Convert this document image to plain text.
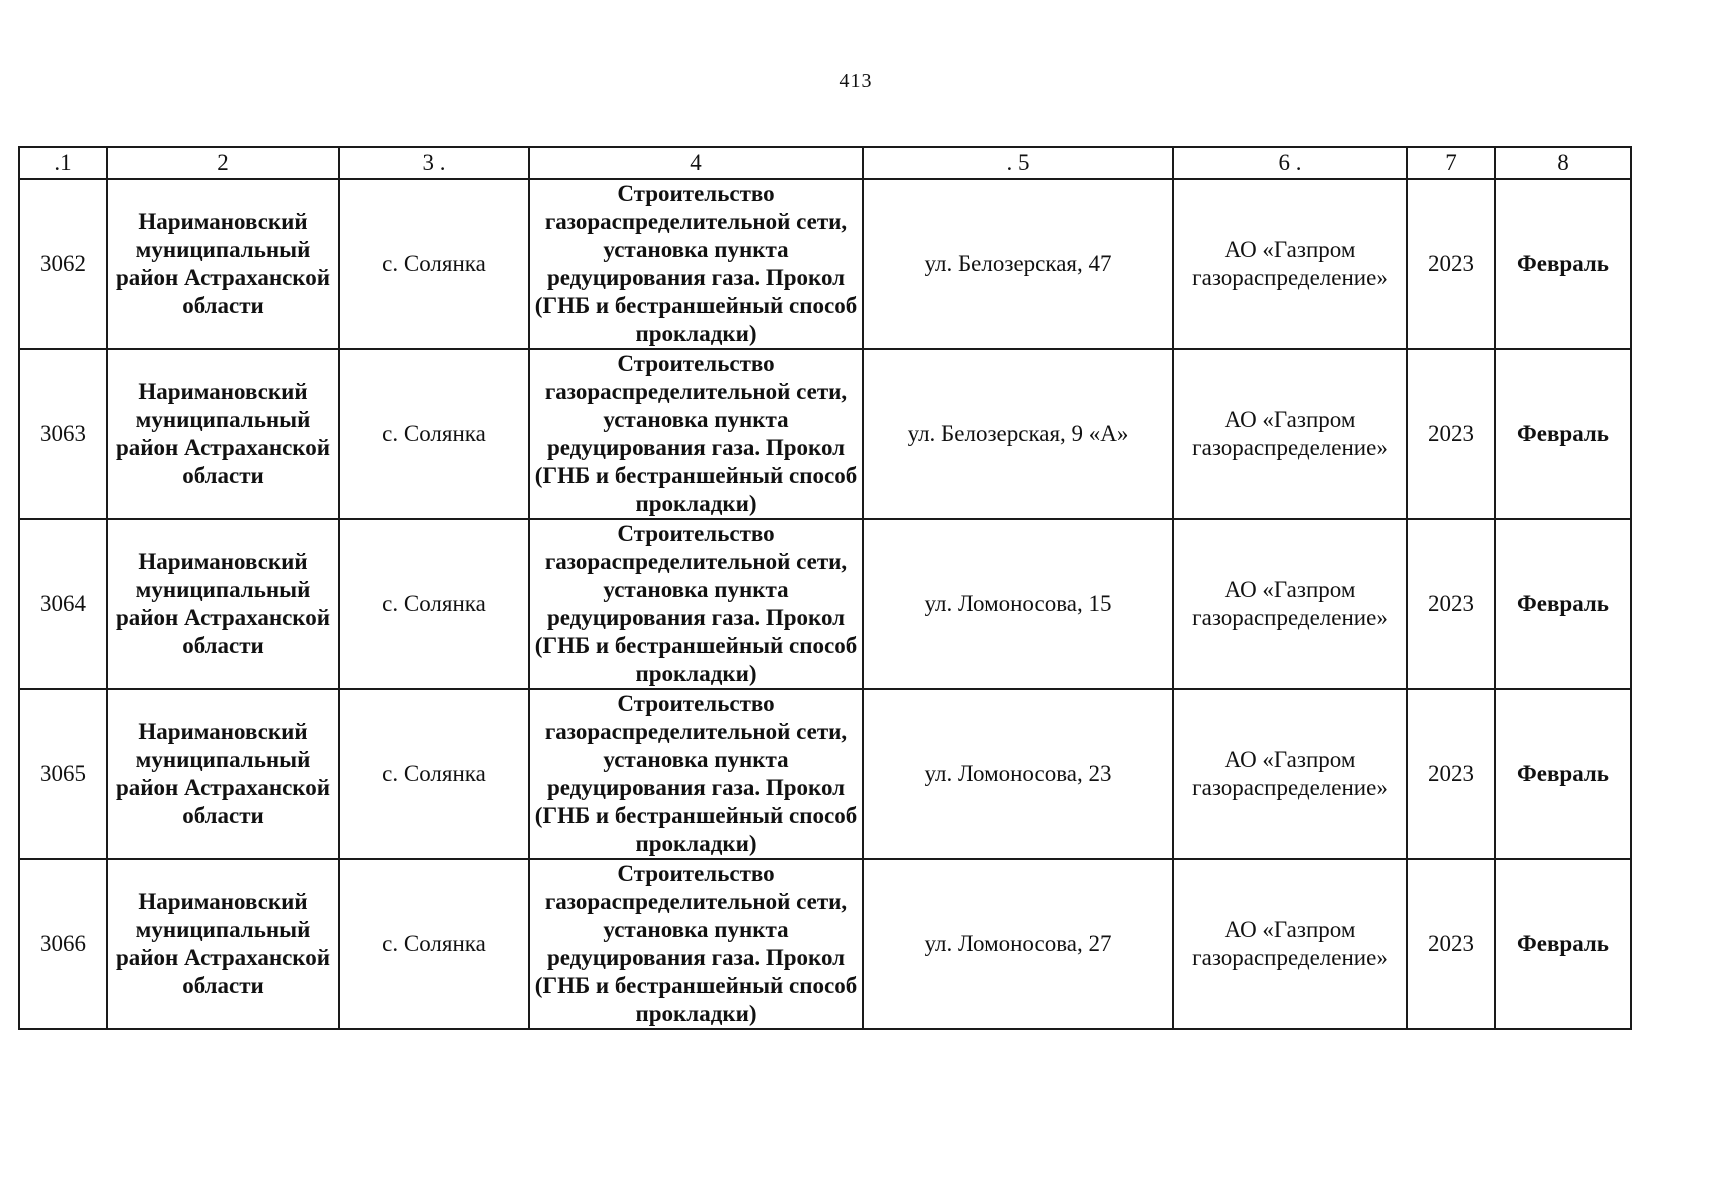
413
.1	2	3 .	4	. 5	6 .	7	8
3062	Наримановский муниципальный район Астраханской области	с. Солянка	Строительство газораспределительной сети, установка пункта редуцирования газа. Прокол (ГНБ и бестраншейный способ прокладки)	ул. Белозерская, 47	АО «Газпром газораспределение»	2023	Февраль
3063	Наримановский муниципальный район Астраханской области	с. Солянка	Строительство газораспределительной сети, установка пункта редуцирования газа. Прокол (ГНБ и бестраншейный способ прокладки)	ул. Белозерская, 9 «А»	АО «Газпром газораспределение»	2023	Февраль
3064	Наримановский муниципальный район Астраханской области	с. Солянка	Строительство газораспределительной сети, установка пункта редуцирования газа. Прокол (ГНБ и бестраншейный способ прокладки)	ул. Ломоносова, 15	АО «Газпром газораспределение»	2023	Февраль
3065	Наримановский муниципальный район Астраханской области	с. Солянка	Строительство газораспределительной сети, установка пункта редуцирования газа. Прокол (ГНБ и бестраншейный способ прокладки)	ул. Ломоносова, 23	АО «Газпром газораспределение»	2023	Февраль
3066	Наримановский муниципальный район Астраханской области	с. Солянка	Строительство газораспределительной сети, установка пункта редуцирования газа. Прокол (ГНБ и бестраншейный способ прокладки)	ул. Ломоносова, 27	АО «Газпром газораспределение»	2023	Февраль
